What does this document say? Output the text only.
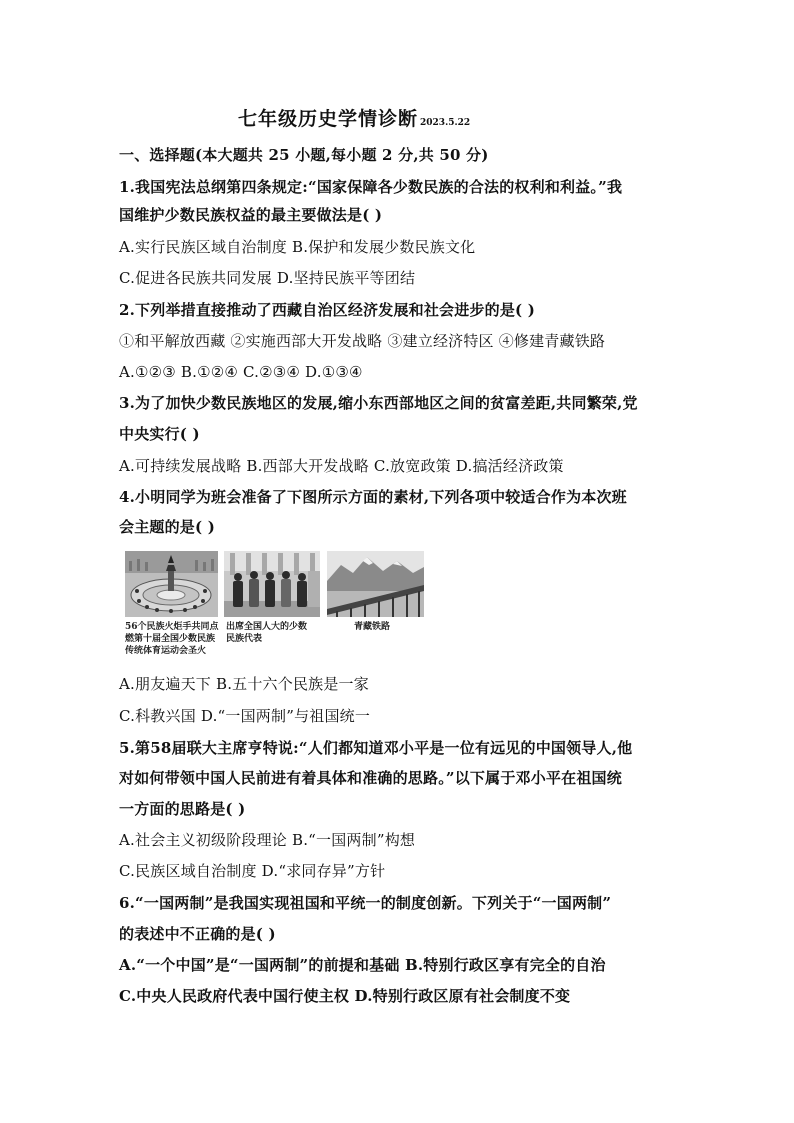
七年级历史学情诊断 2023.5.22
一、选择题(本大题共 25 小题,每小题 2 分,共 50 分)
1.我国宪法总纲第四条规定:“国家保障各少数民族的合法的权利和利益。”我
国维护少数民族权益的最主要做法是( )
A.实行民族区域自治制度 B.保护和发展少数民族文化
C.促进各民族共同发展 D.坚持民族平等团结
2.下列举措直接推动了西藏自治区经济发展和社会进步的是( )
①和平解放西藏 ②实施西部大开发战略 ③建立经济特区 ④修建青藏铁路
A.①②③ B.①②④ C.②③④ D.①③④
3.为了加快少数民族地区的发展,缩小东西部地区之间的贫富差距,共同繁荣,党
中央实行( )
A.可持续发展战略 B.西部大开发战略 C.放宽政策 D.搞活经济政策
4.小明同学为班会准备了下图所示方面的素材,下列各项中较适合作为本次班
会主题的是( )
56个民族火炬手共同点
燃第十届全国少数民族
传统体育运动会圣火
出席全国人大的少数
民族代表
青藏铁路
A.朋友遍天下 B.五十六个民族是一家
C.科教兴国 D.“一国两制”与祖国统一
5.第58届联大主席亨特说:“人们都知道邓小平是一位有远见的中国领导人,他
对如何带领中国人民前进有着具体和准确的思路。”以下属于邓小平在祖国统
一方面的思路是( )
A.社会主义初级阶段理论 B.“一国两制”构想
C.民族区域自治制度 D.“求同存异”方针
6.“一国两制”是我国实现祖国和平统一的制度创新。下列关于“一国两制”
的表述中不正确的是( )
A.“一个中国”是“一国两制”的前提和基础 B.特别行政区享有完全的自治
C.中央人民政府代表中国行使主权 D.特别行政区原有社会制度不变
